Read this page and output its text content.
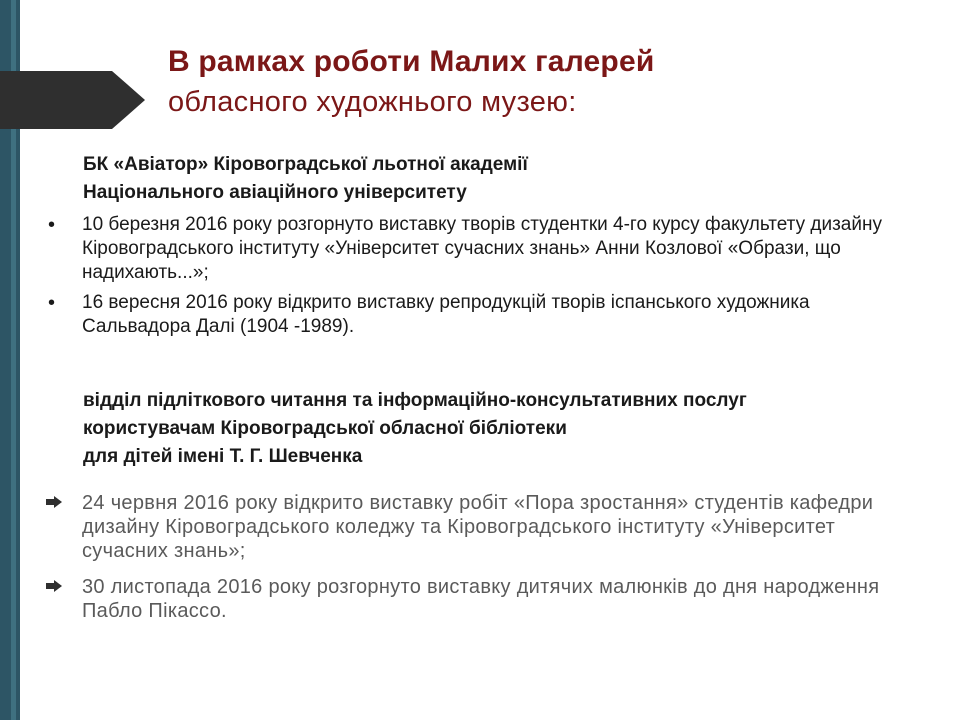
В рамках роботи Малих галерей
обласного художнього музею:
БК «Авіатор» Кіровоградської льотної академії
Національного авіаційного університету
• 10 березня 2016 року розгорнуто виставку творів студентки 4-го курсу факультету дизайну Кіровоградського інституту «Університет сучасних знань» Анни Козлової «Образи, що надихають...»;
• 16 вересня 2016 року відкрито виставку репродукцій творів іспанського художника Сальвадора Далі (1904 -1989).
відділ підліткового читання та інформаційно-консультативних послуг
користувачам Кіровоградської обласної бібліотеки
для дітей імені Т. Г. Шевченка
24 червня 2016 року відкрито виставку робіт «Пора зростання» студентів кафедри дизайну Кіровоградського коледжу та Кіровоградського інституту «Університет сучасних знань»;
30 листопада 2016 року розгорнуто виставку дитячих малюнків до дня народження Пабло Пікассо.
